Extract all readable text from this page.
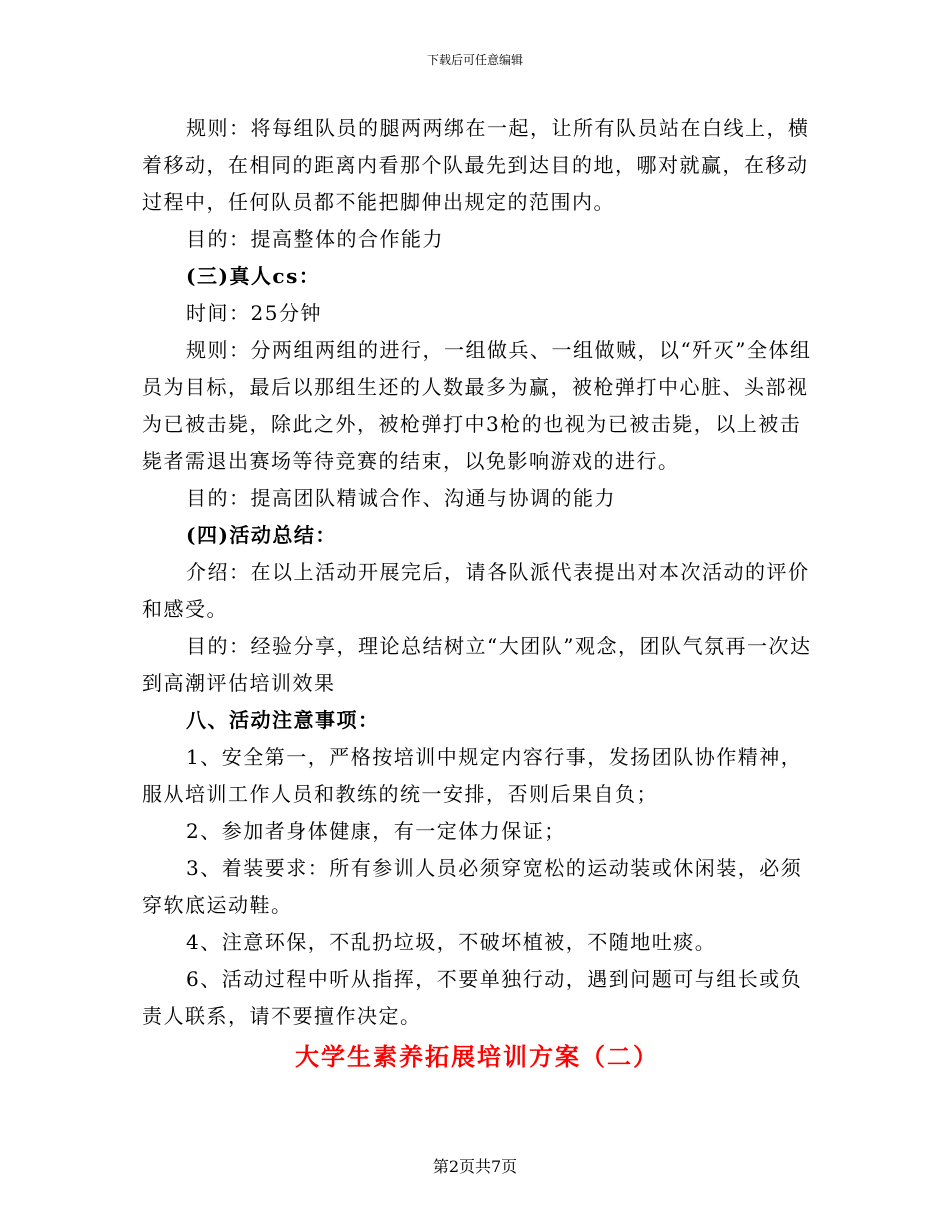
下载后可任意编辑

规则：将每组队员的腿两两绑在一起，让所有队员站在白线上，横着移动，在相同的距离内看那个队最先到达目的地，哪对就赢，在移动过程中，任何队员都不能把脚伸出规定的范围内。

目的：提高整体的合作能力

(三)真人cs：

时间：25分钟

规则：分两组两组的进行，一组做兵、一组做贼，以“歼灭”全体组员为目标，最后以那组生还的人数最多为赢，被枪弹打中心脏、头部视为已被击毙，除此之外，被枪弹打中3枪的也视为已被击毙，以上被击毙者需退出赛场等待竞赛的结束，以免影响游戏的进行。

目的：提高团队精诚合作、沟通与协调的能力

(四)活动总结：

介绍：在以上活动开展完后，请各队派代表提出对本次活动的评价和感受。

目的：经验分享，理论总结树立“大团队”观念，团队气氛再一次达到高潮评估培训效果

八、活动注意事项：

1、安全第一，严格按培训中规定内容行事，发扬团队协作精神，服从培训工作人员和教练的统一安排，否则后果自负；

2、参加者身体健康，有一定体力保证；

3、着装要求：所有参训人员必须穿宽松的运动装或休闲装，必须穿软底运动鞋。

4、注意环保，不乱扔垃圾，不破坏植被，不随地吐痰。

6、活动过程中听从指挥，不要单独行动，遇到问题可与组长或负责人联系，请不要擅作决定。

大学生素养拓展培训方案（二）
第2页共7页
